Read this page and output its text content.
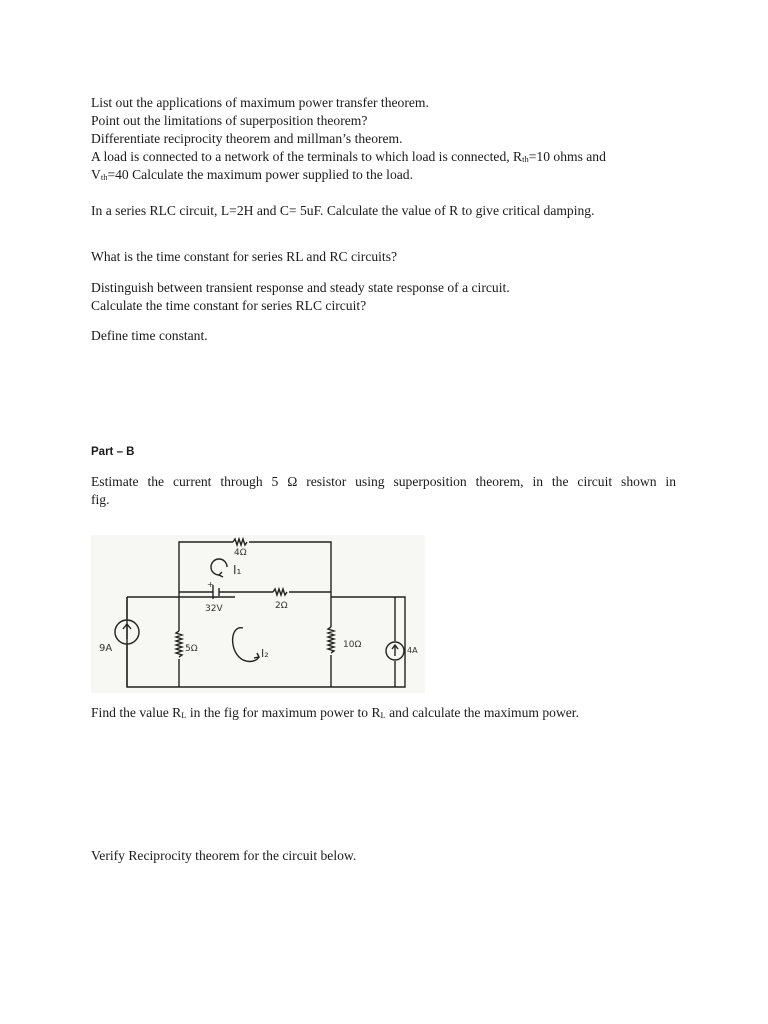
List out the applications of maximum power transfer theorem.
Point out the limitations of superposition theorem?
Differentiate reciprocity theorem and millman’s theorem.
A load is connected to a network of the terminals to which load is connected, Rth=10 ohms and
Vth=40 Calculate the maximum power supplied to the load.
In a series RLC circuit, L=2H and C= 5uF. Calculate the value of R to give critical damping.
What is the time constant for series RL and RC circuits?
Distinguish between transient response and steady state response of a circuit.
Calculate the time constant for series RLC circuit?
Define time constant.
Part – B
Estimate the current through 5 Ω resistor using superposition theorem, in the circuit shown in
fig.
4Ω
I₁
+
32V	2Ω
9A	5Ω	I₂
10Ω
4A
Find the value RL in the fig for maximum power to RL and calculate the maximum power.
Verify Reciprocity theorem for the circuit below.
